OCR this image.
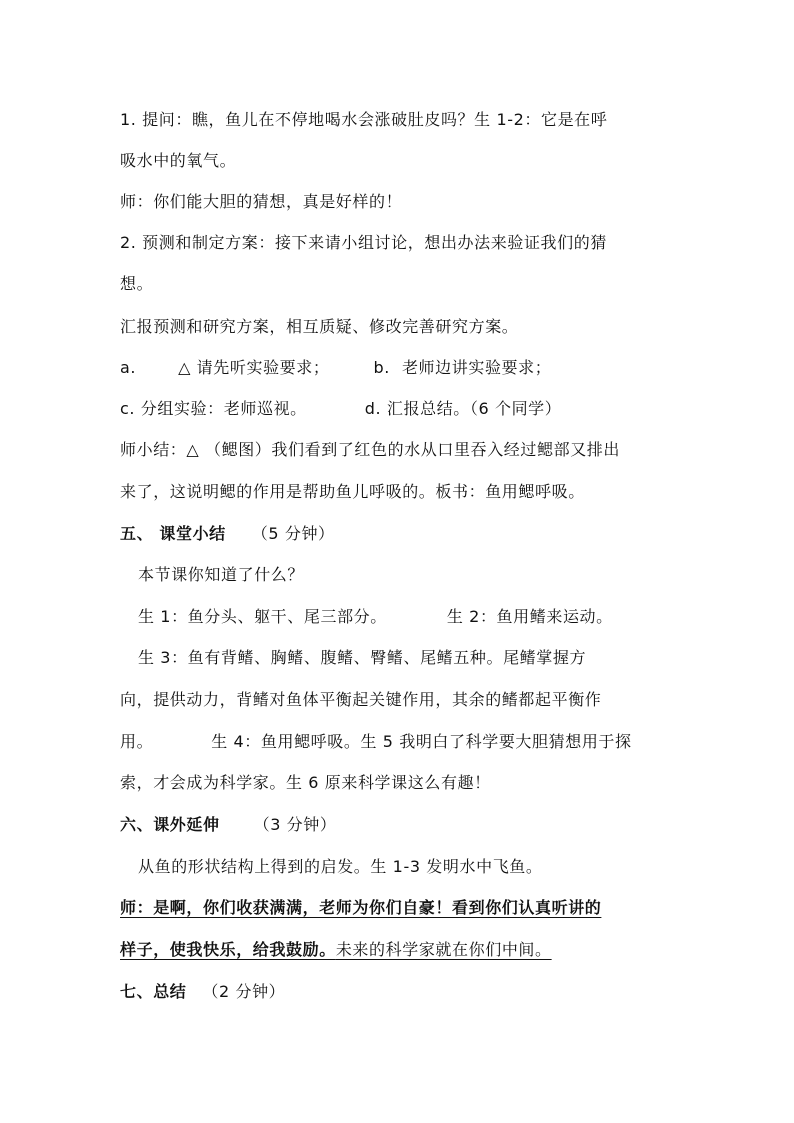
1. 提问：瞧，鱼儿在不停地喝水会涨破肚皮吗？生 1-2：它是在呼
吸水中的氧气。
师：你们能大胆的猜想，真是好样的！
2. 预测和制定方案：接下来请小组讨论，想出办法来验证我们的猜
想。
汇报预测和研究方案，相互质疑、修改完善研究方案。
a.	△ 请先听实验要求；	b. 老师边讲实验要求；
c. 分组实验：老师巡视。	d. 汇报总结。（6 个同学）
师小结：△ （鳃图）我们看到了红色的水从口里吞入经过鳃部又排出
来了，这说明鳃的作用是帮助鱼儿呼吸的。板书：鱼用鳃呼吸。
五、 课堂小结 （5 分钟）
本节课你知道了什么？
生 1：鱼分头、躯干、尾三部分。	生 2：鱼用鳍来运动。
生 3：鱼有背鳍、胸鳍、腹鳍、臀鳍、尾鳍五种。尾鳍掌握方
向，提供动力，背鳍对鱼体平衡起关键作用，其余的鳍都起平衡作
用。	生 4：鱼用鳃呼吸。生 5 我明白了科学要大胆猜想用于探
索，才会成为科学家。生 6 原来科学课这么有趣！
六、课外延伸 （3 分钟）
从鱼的形状结构上得到的启发。生 1-3 发明水中飞鱼。
师：是啊，你们收获满满，老师为你们自豪！看到你们认真听讲的
样子，使我快乐，给我鼓励。未来的科学家就在你们中间。
七、总结 （2 分钟）
